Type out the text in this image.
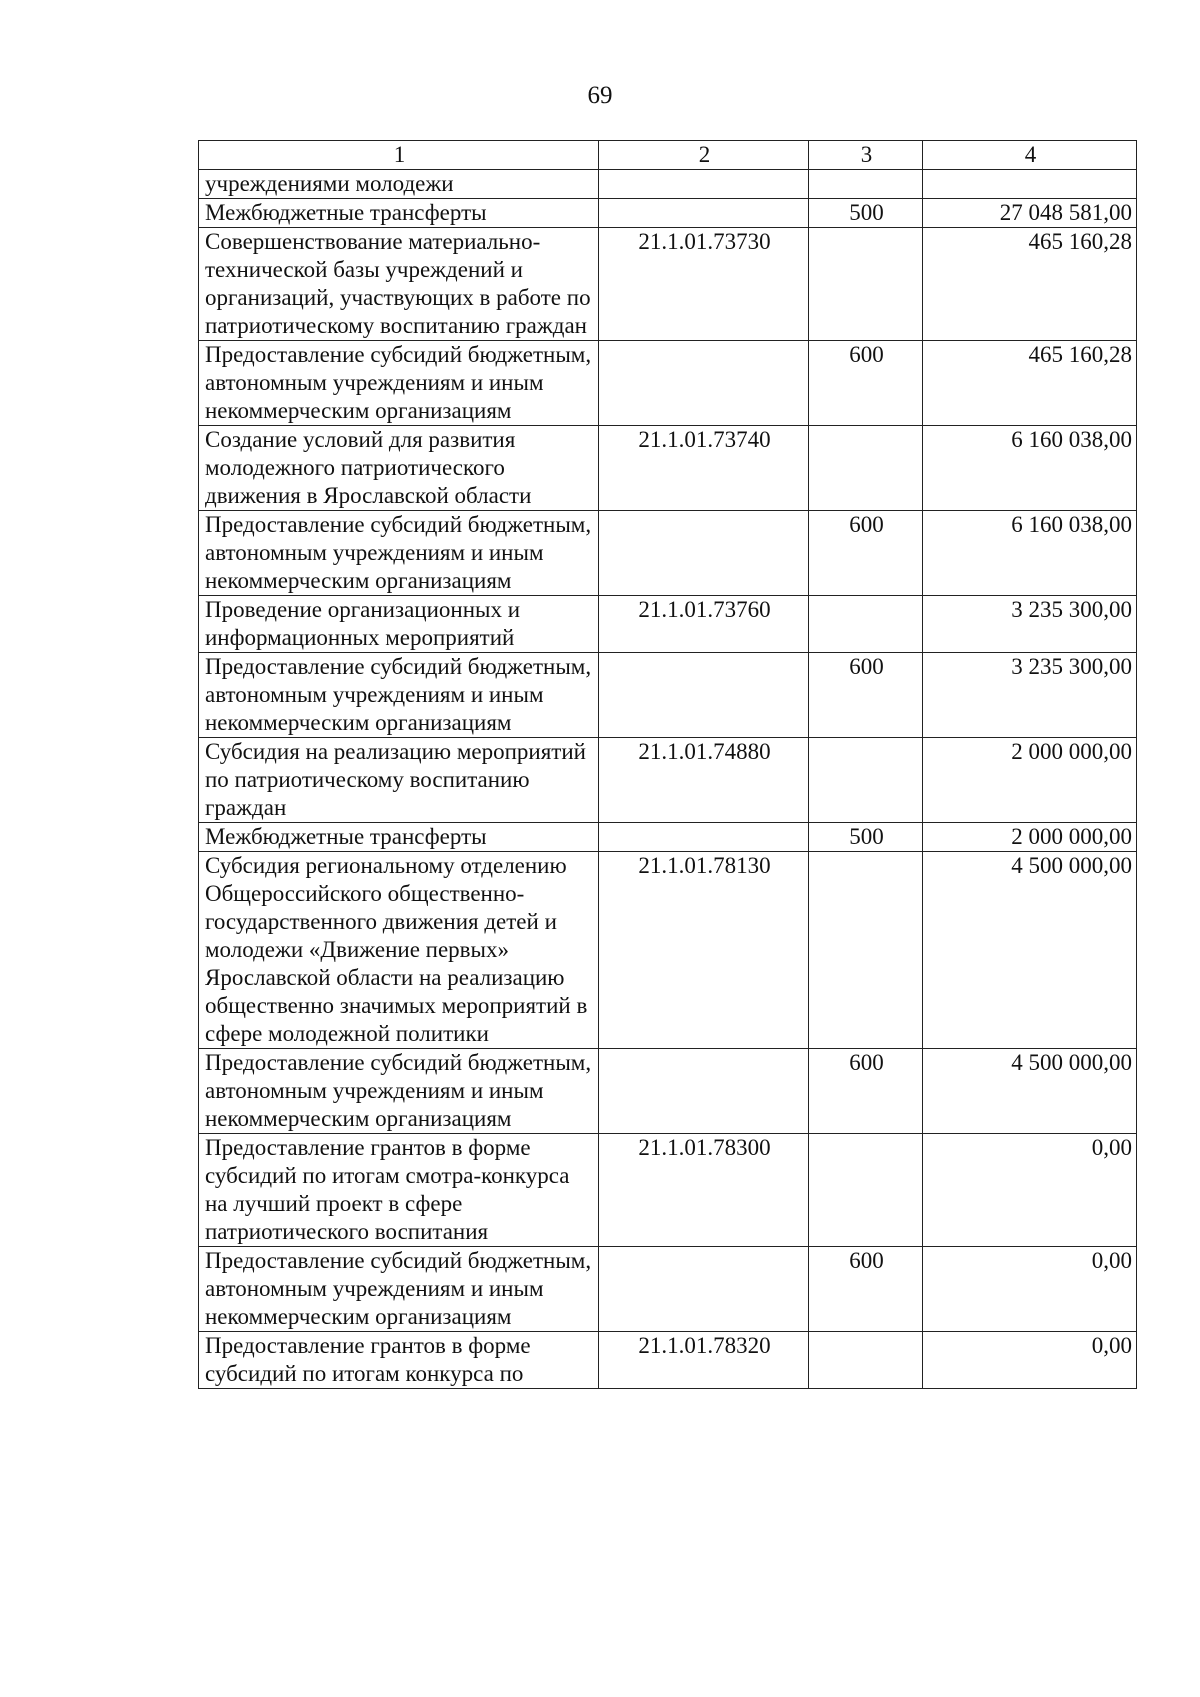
69
1	2	3	4
учреждениями молодежи			
Межбюджетные трансферты		500	27 048 581,00
Совершенствование материально-технической базы учреждений и организаций, участвующих в работе по патриотическому воспитанию граждан	21.1.01.73730		465 160,28
Предоставление субсидий бюджетным, автономным учреждениям и иным некоммерческим организациям		600	465 160,28
Создание условий для развития молодежного патриотического движения в Ярославской области	21.1.01.73740		6 160 038,00
Предоставление субсидий бюджетным, автономным учреждениям и иным некоммерческим организациям		600	6 160 038,00
Проведение организационных и информационных мероприятий	21.1.01.73760		3 235 300,00
Предоставление субсидий бюджетным, автономным учреждениям и иным некоммерческим организациям		600	3 235 300,00
Субсидия на реализацию мероприятий по патриотическому воспитанию граждан	21.1.01.74880		2 000 000,00
Межбюджетные трансферты		500	2 000 000,00
Субсидия региональному отделению Общероссийского общественно-государственного движения детей и молодежи «Движение первых» Ярославской области на реализацию общественно значимых мероприятий в сфере молодежной политики	21.1.01.78130		4 500 000,00
Предоставление субсидий бюджетным, автономным учреждениям и иным некоммерческим организациям		600	4 500 000,00
Предоставление грантов в форме субсидий по итогам смотра-конкурса на лучший проект в сфере патриотического воспитания	21.1.01.78300		0,00
Предоставление субсидий бюджетным, автономным учреждениям и иным некоммерческим организациям		600	0,00
Предоставление грантов в форме субсидий по итогам конкурса по	21.1.01.78320		0,00
